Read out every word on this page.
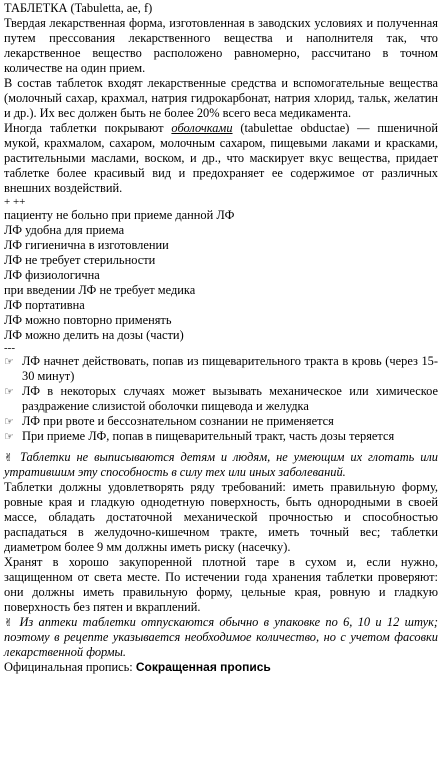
ТАБЛЕТКА (Tabuletta, ae, f)

Твердая лекарственная форма, изготовленная в заводских условиях и полученная путем прессования лекарственного вещества и наполнителя так, что лекарственное вещество расположено равномерно, рассчитано в точном количестве на один прием.

В состав таблеток входят лекарственные средства и вспомогательные вещества (молочный сахар, крахмал, натрия гидрокарбонат, натрия хлорид, тальк, желатин и др.). Их вес должен быть не более 20% всего веса медикамента.

Иногда таблетки покрывают оболочками (tabulettae obductae) — пшеничной мукой, крахмалом, сахаром, молочным сахаром, пищевыми лаками и красками, растительными маслами, воском, и др., что маскирует вкус вещества, придает таблетке более красивый вид и предохраняет ее содержимое от различных внешних воздействий.

+ ++

пациенту не больно при приеме данной ЛФ

ЛФ удобна для приема

ЛФ гигиенична в изготовлении

ЛФ не требует стерильности

ЛФ физиологична

при введении ЛФ не требует медика

ЛФ портативна

ЛФ можно повторно применять

ЛФ можно делить на дозы (части)

---

☞ ЛФ начнет действовать, попав из пищеварительного тракта в кровь (через 15-30 минут)
☞ ЛФ в некоторых случаях может вызывать механическое или химическое раздражение слизистой оболочки пищевода и желудка
☞ ЛФ при рвоте и бессознательном сознании не применяется
☞ При приеме ЛФ, попав в пищеварительный тракт, часть дозы теряется

✌ Таблетки не выписываются детям и людям, не умеющим их глотать или утратившим эту способность в силу тех или иных заболеваний.

Таблетки должны удовлетворять ряду требований: иметь правильную форму, ровные края и гладкую однодетную поверхность, быть однородными в своей массе, обладать достаточной механической прочностью и способностью распадаться в желудочно-кишечном тракте, иметь точный вес; таблетки диаметром более 9 мм должны иметь риску (насечку).

Хранят в хорошо закупоренной плотной таре в сухом и, если нужно, защищенном от света месте. По истечении года хранения таблетки проверяют: они должны иметь правильную форму, цельные края, ровную и гладкую поверхность без пятен и вкраплений.

✌ Из аптеки таблетки отпускаются обычно в упаковке по 6, 10 и 12 штук; поэтому в рецепте указывается необходимое количество, но с учетом фасовки лекарственной формы.

Официнальная пропись: Сокращенная пропись
